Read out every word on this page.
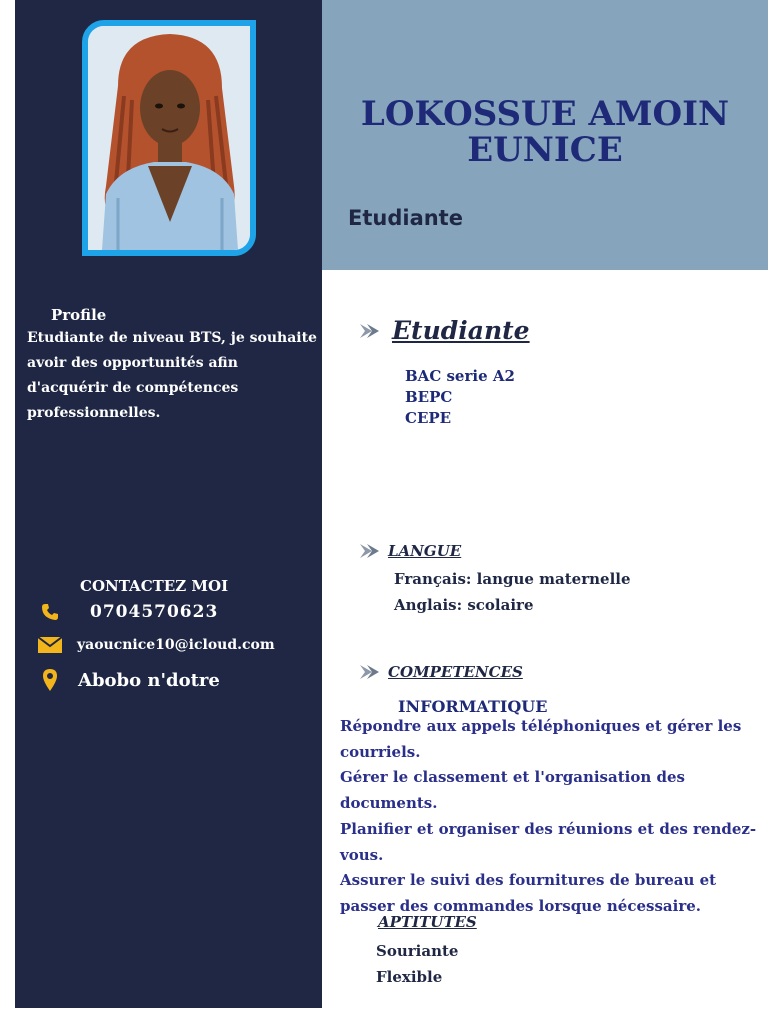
Profile
Etudiante de niveau BTS, je souhaite avoir des opportunités afin d'acquérir de compétences professionnelles.
CONTACTEZ MOI
0704570623
yaoucnice10@icloud.com
Abobo n'dotre
LOKOSSUE AMOIN
EUNICE
Etudiante
Etudiante
BAC serie A2
BEPC
CEPE
LANGUE
Français: langue maternelle
Anglais: scolaire
COMPETENCES
INFORMATIQUE

Répondre aux appels téléphoniques et gérer les courriels.

Gérer le classement et l'organisation des documents.

Planifier et organiser des réunions et des rendez-vous.

Assurer le suivi des fournitures de bureau et passer des commandes lorsque nécessaire.

APTITUTES
Souriante
Flexible
